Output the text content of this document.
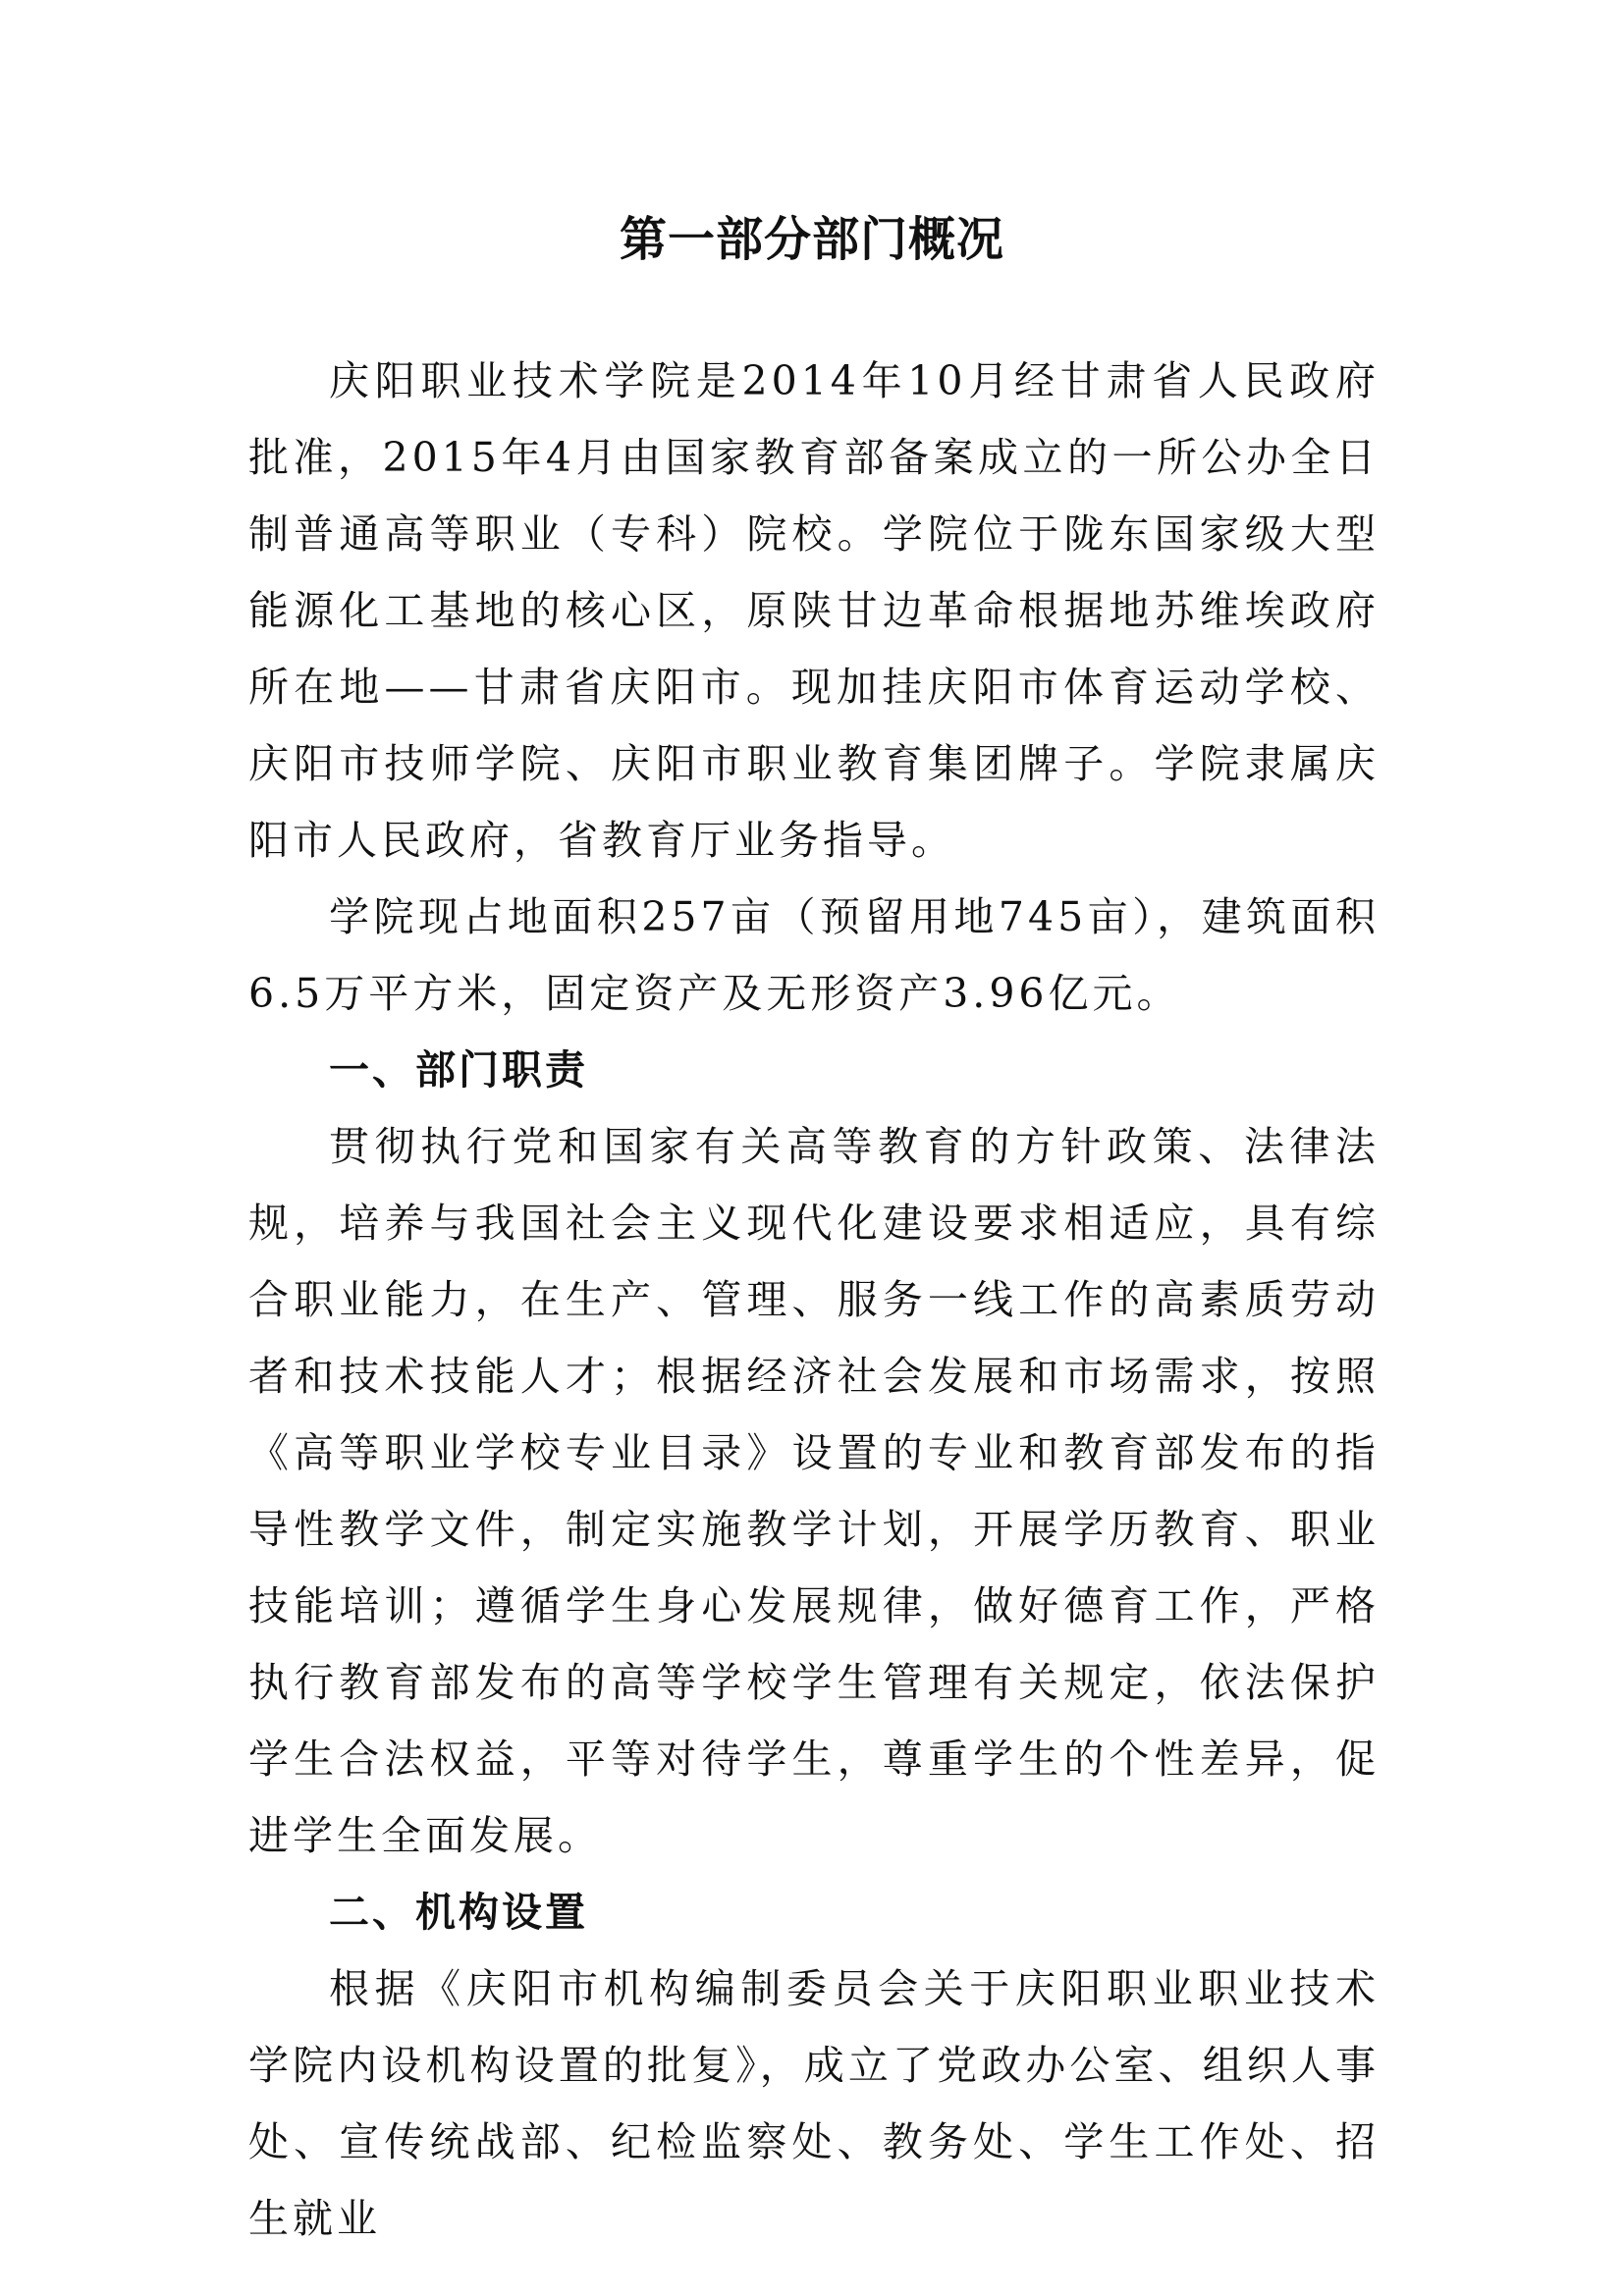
第一部分部门概况

庆阳职业技术学院是2014年10月经甘肃省人民政府批准，2015年4月由国家教育部备案成立的一所公办全日制普通高等职业（专科）院校。学院位于陇东国家级大型能源化工基地的核心区，原陕甘边革命根据地苏维埃政府所在地——甘肃省庆阳市。现加挂庆阳市体育运动学校、庆阳市技师学院、庆阳市职业教育集团牌子。学院隶属庆阳市人民政府，省教育厅业务指导。

学院现占地面积257亩（预留用地745亩），建筑面积6.5万平方米，固定资产及无形资产3.96亿元。

一、部门职责

贯彻执行党和国家有关高等教育的方针政策、法律法规，培养与我国社会主义现代化建设要求相适应，具有综合职业能力，在生产、管理、服务一线工作的高素质劳动者和技术技能人才；根据经济社会发展和市场需求，按照《高等职业学校专业目录》设置的专业和教育部发布的指导性教学文件，制定实施教学计划，开展学历教育、职业技能培训；遵循学生身心发展规律，做好德育工作，严格执行教育部发布的高等学校学生管理有关规定，依法保护学生合法权益，平等对待学生，尊重学生的个性差异，促进学生全面发展。

二、机构设置

根据《庆阳市机构编制委员会关于庆阳职业职业技术学院内设机构设置的批复》，成立了党政办公室、组织人事处、宣传统战部、纪检监察处、教务处、学生工作处、招生就业
